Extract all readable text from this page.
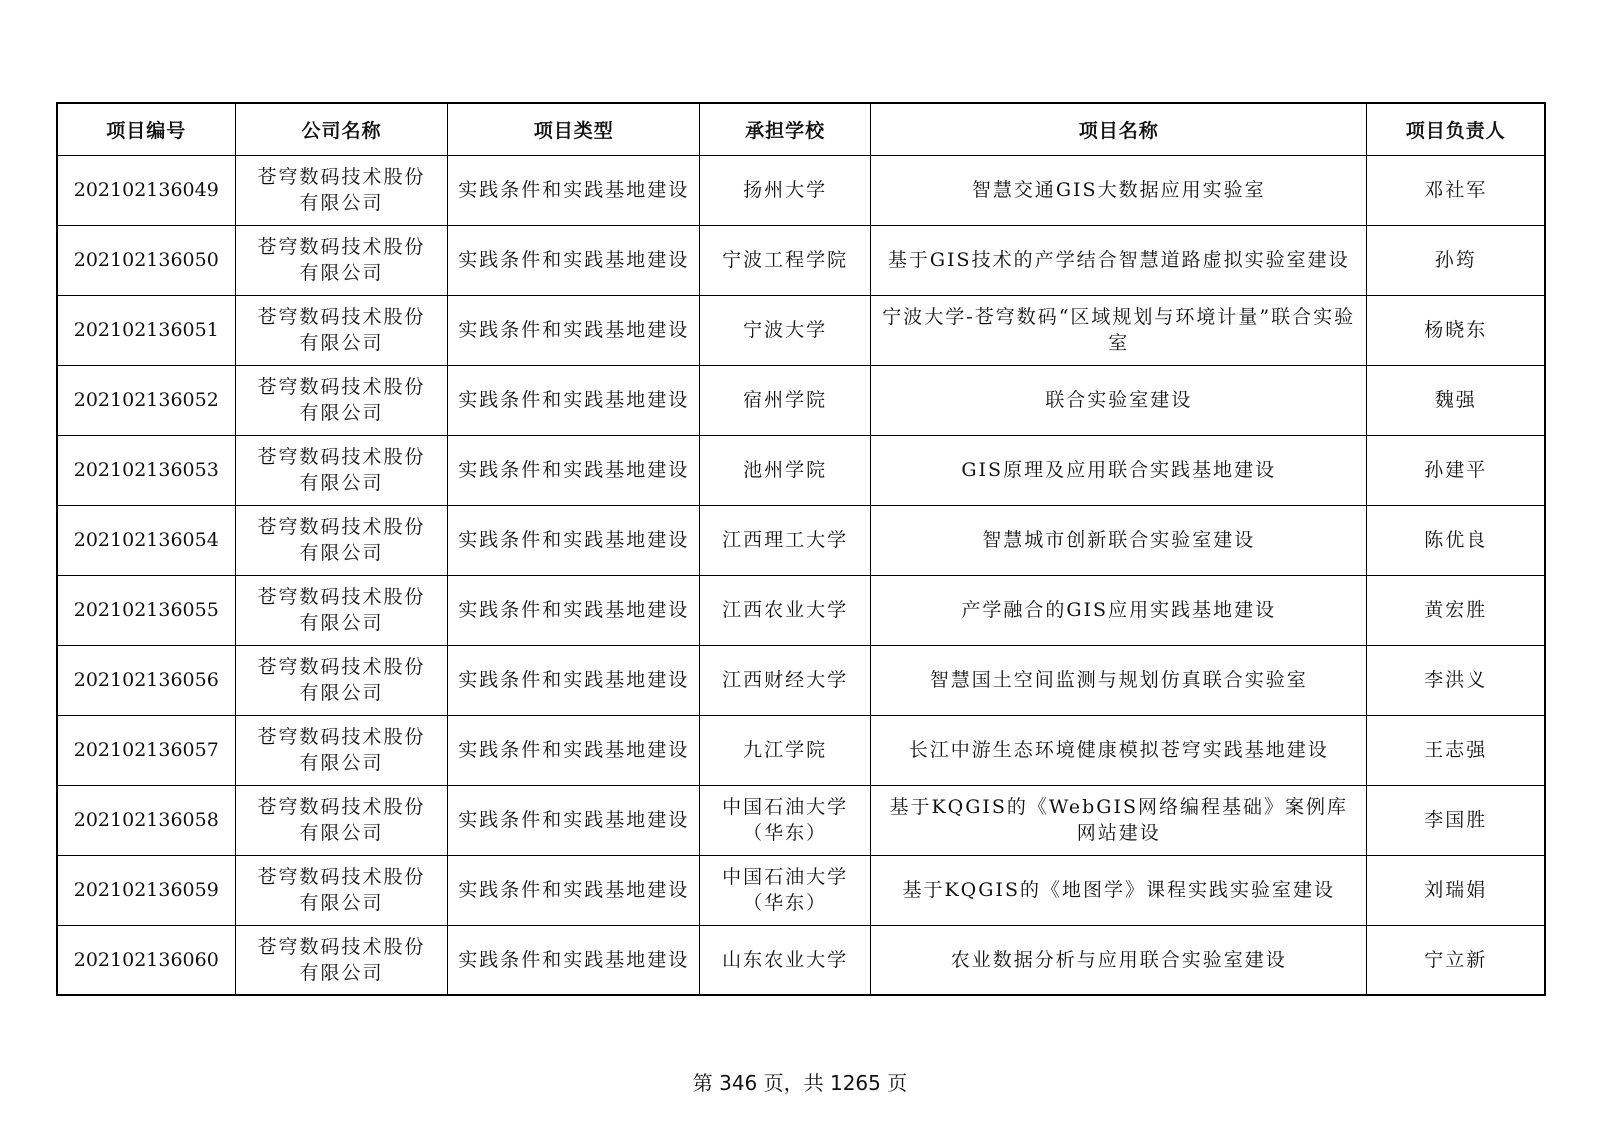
项目编号	公司名称	项目类型	承担学校	项目名称	项目负责人
202102136049	苍穹数码技术股份有限公司	实践条件和实践基地建设	扬州大学	智慧交通GIS大数据应用实验室	邓社军
202102136050	苍穹数码技术股份有限公司	实践条件和实践基地建设	宁波工程学院	基于GIS技术的产学结合智慧道路虚拟实验室建设	孙筠
202102136051	苍穹数码技术股份有限公司	实践条件和实践基地建设	宁波大学	宁波大学-苍穹数码“区域规划与环境计量”联合实验室	杨晓东
202102136052	苍穹数码技术股份有限公司	实践条件和实践基地建设	宿州学院	联合实验室建设	魏强
202102136053	苍穹数码技术股份有限公司	实践条件和实践基地建设	池州学院	GIS原理及应用联合实践基地建设	孙建平
202102136054	苍穹数码技术股份有限公司	实践条件和实践基地建设	江西理工大学	智慧城市创新联合实验室建设	陈优良
202102136055	苍穹数码技术股份有限公司	实践条件和实践基地建设	江西农业大学	产学融合的GIS应用实践基地建设	黄宏胜
202102136056	苍穹数码技术股份有限公司	实践条件和实践基地建设	江西财经大学	智慧国土空间监测与规划仿真联合实验室	李洪义
202102136057	苍穹数码技术股份有限公司	实践条件和实践基地建设	九江学院	长江中游生态环境健康模拟苍穹实践基地建设	王志强
202102136058	苍穹数码技术股份有限公司	实践条件和实践基地建设	中国石油大学（华东）	基于KQGIS的《WebGIS网络编程基础》案例库网站建设	李国胜
202102136059	苍穹数码技术股份有限公司	实践条件和实践基地建设	中国石油大学（华东）	基于KQGIS的《地图学》课程实践实验室建设	刘瑞娟
202102136060	苍穹数码技术股份有限公司	实践条件和实践基地建设	山东农业大学	农业数据分析与应用联合实验室建设	宁立新
第 346 页，共 1265 页
